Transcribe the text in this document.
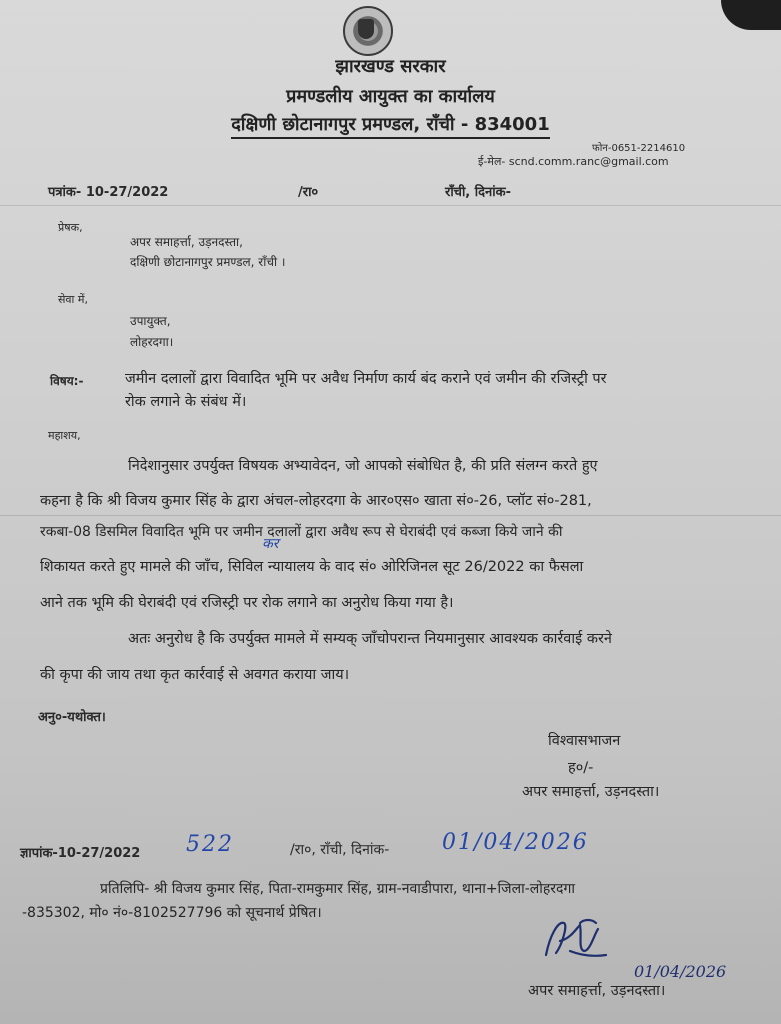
झारखण्ड सरकार
प्रमण्डलीय आयुक्त का कार्यालय
दक्षिणी छोटानागपुर प्रमण्डल, राँची - 834001
फोन-0651-2214610
ई-मेल- scnd.comm.ranc@gmail.com
पत्रांक- 10-27/2022	/रा०	राँची, दिनांक-
प्रेषक,
अपर समाहर्त्ता, उड़नदस्ता,
दक्षिणी छोटानागपुर प्रमण्डल, राँची ।
सेवा में,
उपायुक्त,
लोहरदगा।
विषय:-	जमीन दलालों द्वारा विवादित भूमि पर अवैध निर्माण कार्य बंद कराने एवं जमीन की रजिस्ट्री पर
रोक लगाने के संबंध में।
महाशय,
निदेशानुसार उपर्युक्त विषयक अभ्यावेदन, जो आपको संबोधित है, की प्रति संलग्न करते हुए
कहना है कि श्री विजय कुमार सिंह के द्वारा अंचल-लोहरदगा के आर०एस० खाता सं०-26, प्लॉट सं०-281,
रकबा-08 डिसमिल विवादित भूमि पर जमीन दलालों द्वारा अवैध रूप से घेराबंदी एवं कब्जा किये जाने की
कर
शिकायत करते हुए मामले की जाँच, सिविल न्यायालय के वाद सं० ओरिजिनल सूट 26/2022 का फैसला
आने तक भूमि की घेराबंदी एवं रजिस्ट्री पर रोक लगाने का अनुरोध किया गया है।
अतः अनुरोध है कि उपर्युक्त मामले में सम्यक् जाँचोपरान्त नियमानुसार आवश्यक कार्रवाई करने
की कृपा की जाय तथा कृत कार्रवाई से अवगत कराया जाय।
अनु०-यथोक्त।
विश्वासभाजन
ह०/-
अपर समाहर्त्ता, उड़नदस्ता।
ज्ञापांक-10-27/2022 522	/रा०, राँची, दिनांक- 01/04/2026
प्रतिलिपि- श्री विजय कुमार सिंह, पिता-रामकुमार सिंह, ग्राम-नवाडीपारा, थाना+जिला-लोहरदगा
-835302, मो० नं०-8102527796 को सूचनार्थ प्रेषित।
01/04/2026
अपर समाहर्त्ता, उड़नदस्ता।
